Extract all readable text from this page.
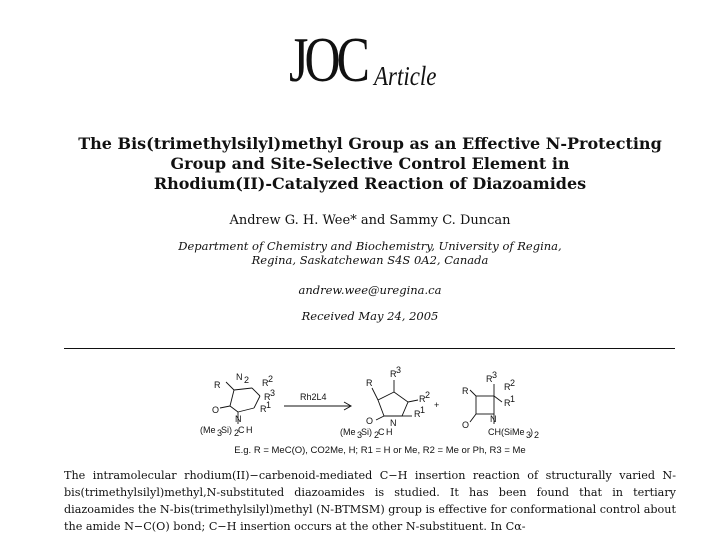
JOC Article
The Bis(trimethylsilyl)methyl Group as an Effective N-Protecting
Group and Site-Selective Control Element in
Rhodium(II)-Catalyzed Reaction of Diazoamides
Andrew G. H. Wee* and Sammy C. Duncan
Department of Chemistry and Biochemistry, University of Regina,
Regina, Saskatchewan S4S 0A2, Canada
andrew.wee@uregina.ca
Received May 24, 2005
R
N 2 R 2
R 3
R 1
O
N
(Me 3
Si) 2
C H
Rh2L4
R
R 3
R 2
R 1
O N
(Me 3
Si) 2
C H
+
R
R 3
R 2
R 1
O
N
CH(SiMe 3
) 2
E.g. R = MeC(O), CO2Me, H; R1 = H or Me, R2 = Me or Ph, R3 = Me

The intramolecular rhodium(II)−carbenoid-mediated C−H insertion reaction of structurally varied N-bis(trimethylsilyl)methyl,N-substituted diazoamides is studied. It has been found that in tertiary diazoamides the N-bis(trimethylsilyl)methyl (N-BTMSM) group is effective for conformational control about the amide N−C(O) bond; C−H insertion occurs at the other N-substituent. In Cα-
